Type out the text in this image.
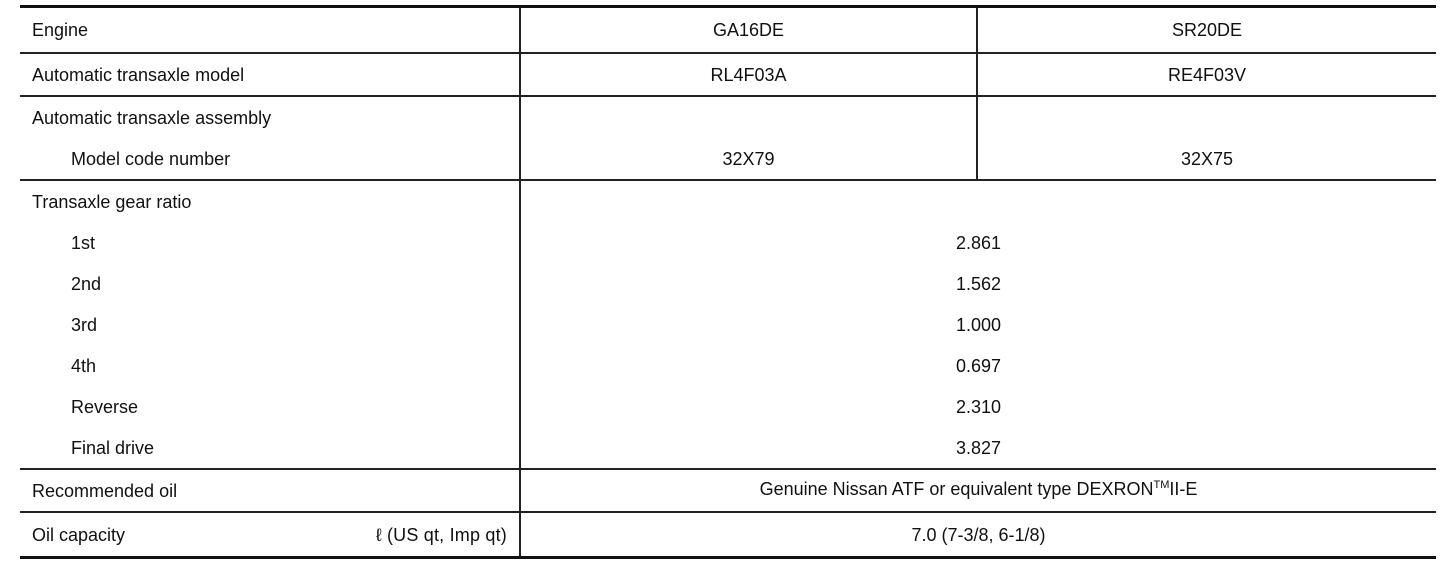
Engine	GA16DE	SR20DE
Automatic transaxle model	RL4F03A	RE4F03V
Automatic transaxle assembly		
Model code number	32X79	32X75
Transaxle gear ratio		
1st	2.861	
2nd	1.562	
3rd	1.000	
4th	0.697	
Reverse	2.310	
Final drive	3.827	
Recommended oil	Genuine Nissan ATF or equivalent type DEXRON™II-E	

Oil capacity ℓ (US qt, Imp qt)	7.0 (7-3/8, 6-1/8)	
